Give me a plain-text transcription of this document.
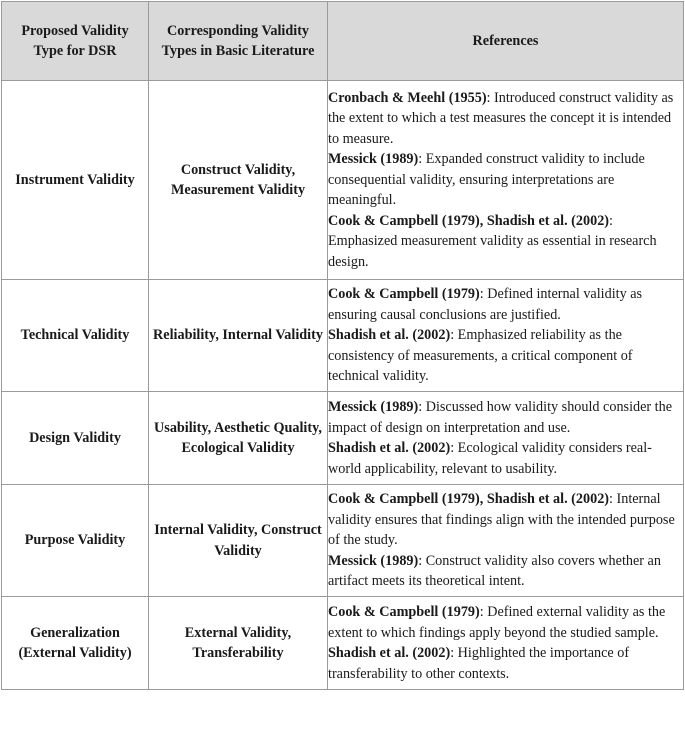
Proposed Validity Type for DSR	Corresponding Validity Types in Basic Literature	References
Instrument Validity	Construct Validity, Measurement Validity	Cronbach & Meehl (1955): Introduced construct validity as the extent to which a test measures the concept it is intended to measure.
Messick (1989): Expanded construct validity to include consequential validity, ensuring interpretations are meaningful.
Cook & Campbell (1979), Shadish et al. (2002): Emphasized measurement validity as essential in research design.

Technical Validity	Reliability, Internal Validity	Cook & Campbell (1979): Defined internal validity as ensuring causal conclusions are justified.
Shadish et al. (2002): Emphasized reliability as the consistency of measurements, a critical component of technical validity.

Design Validity	Usability, Aesthetic Quality, Ecological Validity	Messick (1989): Discussed how validity should consider the impact of design on interpretation and use.
Shadish et al. (2002): Ecological validity considers real-world applicability, relevant to usability.

Purpose Validity	Internal Validity, Construct Validity	Cook & Campbell (1979), Shadish et al. (2002): Internal validity ensures that findings align with the intended purpose of the study.
Messick (1989): Construct validity also covers whether an artifact meets its theoretical intent.

Generalization (External Validity)	External Validity, Transferability	Cook & Campbell (1979): Defined external validity as the extent to which findings apply beyond the studied sample.
Shadish et al. (2002): Highlighted the importance of transferability to other contexts.
